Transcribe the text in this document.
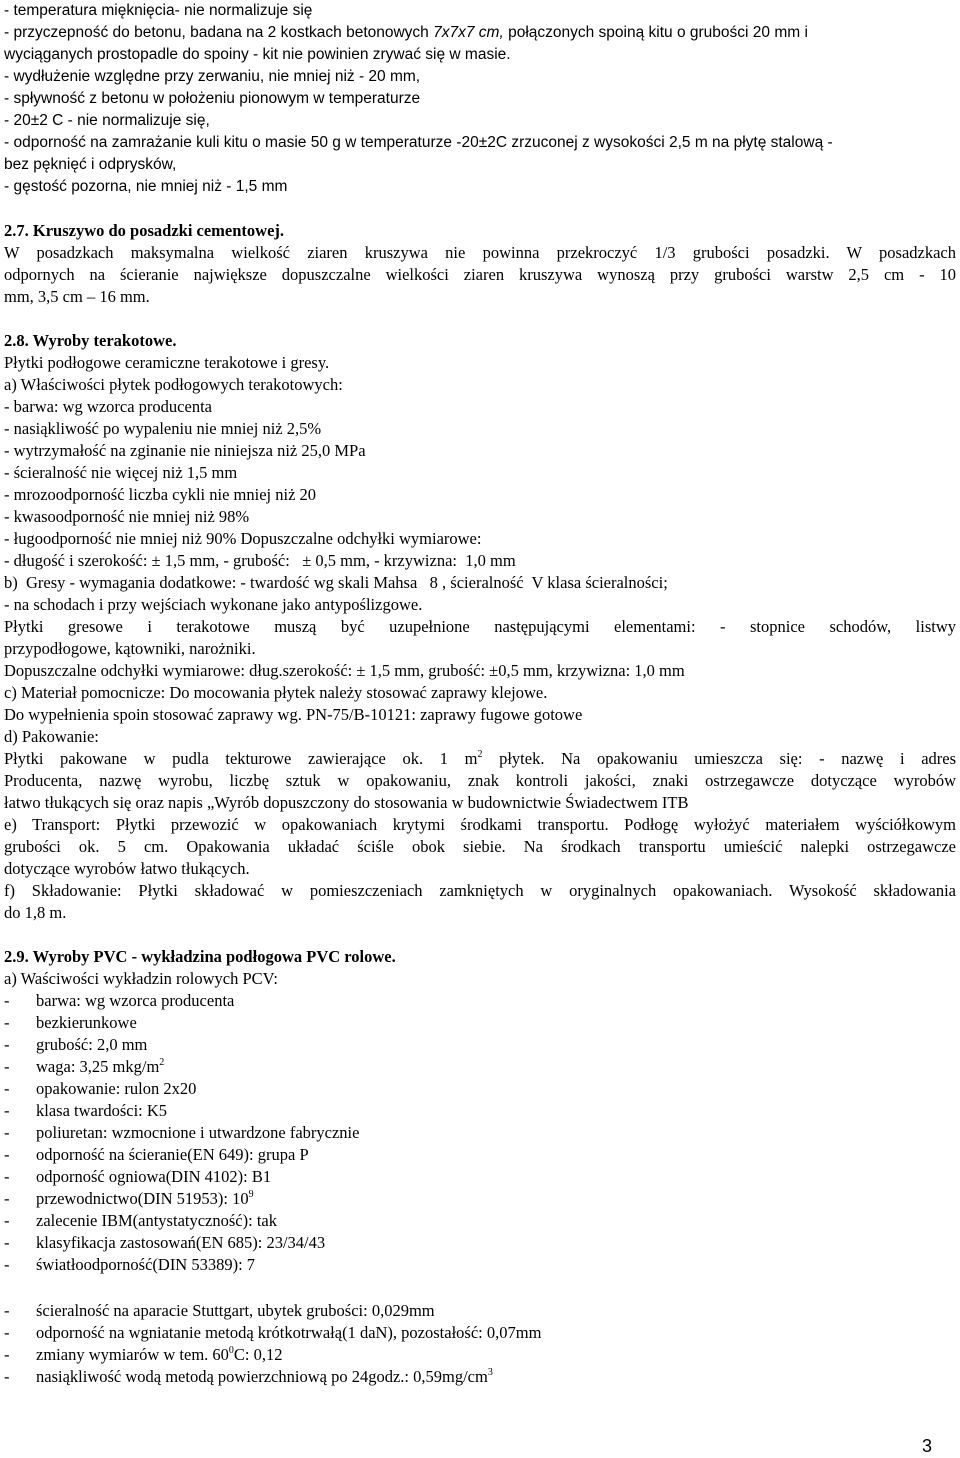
- temperatura mięknięcia- nie normalizuje się
- przyczepność do betonu, badana na 2 kostkach betonowych 7x7x7 cm, połączonych spoiną kitu o grubości 20 mm i
wyciąganych prostopadle do spoiny - kit nie powinien zrywać się w masie.
- wydłużenie względne przy zerwaniu, nie mniej niż - 20 mm,
- spływność z betonu w położeniu pionowym w temperaturze
- 20±2 C - nie normalizuje się,
- odporność na zamrażanie kuli kitu o masie 50 g w temperaturze -20±2C zrzuconej z wysokości 2,5 m na płytę stalową -
bez pęknięć i odprysków,
- gęstość pozorna, nie mniej niż - 1,5 mm
2.7. Kruszywo do posadzki cementowej.
W posadzkach maksymalna wielkość ziaren kruszywa nie powinna przekroczyć 1/3 grubości posadzki. W posadzkach
odpornych na ścieranie największe dopuszczalne wielkości ziaren kruszywa wynoszą przy grubości warstw 2,5 cm - 10
mm, 3,5 cm – 16 mm.
2.8. Wyroby terakotowe.
Płytki podłogowe ceramiczne terakotowe i gresy.
a) Właściwości płytek podłogowych terakotowych:
- barwa: wg wzorca producenta
- nasiąkliwość po wypaleniu nie mniej niż 2,5%
- wytrzymałość na zginanie nie niniejsza niż 25,0 MPa
- ścieralność nie więcej niż 1,5 mm
- mrozoodporność liczba cykli nie mniej niż 20
- kwasoodporność nie mniej niż 98%
- ługoodporność nie mniej niż 90% Dopuszczalne odchyłki wymiarowe:
- długość i szerokość: ± 1,5 mm, - grubość:   ± 0,5 mm, - krzywizna:  1,0 mm
b)  Gresy - wymagania dodatkowe: - twardość wg skali Mahsa   8 , ścieralność  V klasa ścieralności;
- na schodach i przy wejściach wykonane jako antypoślizgowe.
Płytki gresowe i terakotowe muszą być uzupełnione następującymi elementami: - stopnice schodów, listwy
przypodłogowe, kątowniki, narożniki.
Dopuszczalne odchyłki wymiarowe: dług.szerokość: ± 1,5 mm, grubość: ±0,5 mm, krzywizna: 1,0 mm
c) Materiał pomocnicze: Do mocowania płytek należy stosować zaprawy klejowe.
Do wypełnienia spoin stosować zaprawy wg. PN-75/B-10121: zaprawy fugowe gotowe
d) Pakowanie:
Płytki pakowane w pudla tekturowe zawierające ok. 1 $m^2$ płytek. Na opakowaniu umieszcza się: - nazwę i adres
Producenta, nazwę wyrobu, liczbę sztuk w opakowaniu, znak kontroli jakości, znaki ostrzegawcze dotyczące wyrobów
łatwo tłukących się oraz napis „Wyrób dopuszczony do stosowania w budownictwie Świadectwem ITB
e) Transport: Płytki przewozić w opakowaniach krytymi środkami transportu. Podłogę wyłożyć materiałem wyściółkowym
grubości ok. 5 cm. Opakowania układać ściśle obok siebie. Na środkach transportu umieścić nalepki ostrzegawcze
dotyczące wyrobów łatwo tłukących.
f) Składowanie: Płytki składować w pomieszczeniach zamkniętych w oryginalnych opakowaniach. Wysokość składowania
do 1,8 m.
2.9. Wyroby PVC - wykładzina podłogowa PVC rolowe.
a) Waściwości wykładzin rolowych PCV:
- barwa: wg wzorca producenta
- bezkierunkowe
- grubość: 2,0 mm
- waga: 3,25 mkg/$m^2$
- opakowanie: rulon 2x20
- klasa twardości: K5
- poliuretan: wzmocnione i utwardzone fabrycznie
- odporność na ścieranie(EN 649): grupa P
- odporność ogniowa(DIN 4102): B1
- przewodnictwo(DIN 51953): $10^9$
- zalecenie IBM(antystatyczność): tak
- klasyfikacja zastosowań(EN 685): 23/34/43
- światłoodporność(DIN 53389): 7
- ścieralność na aparacie Stuttgart, ubytek grubości: 0,029mm
- odporność na wgniatanie metodą krótkotrwałą(1 daN), pozostałość: 0,07mm
- zmiany wymiarów w tem. $60^0C$: 0,12
- nasiąkliwość wodą metodą powierzchniową po 24godz.: $0,59mg/cm^3$
3
